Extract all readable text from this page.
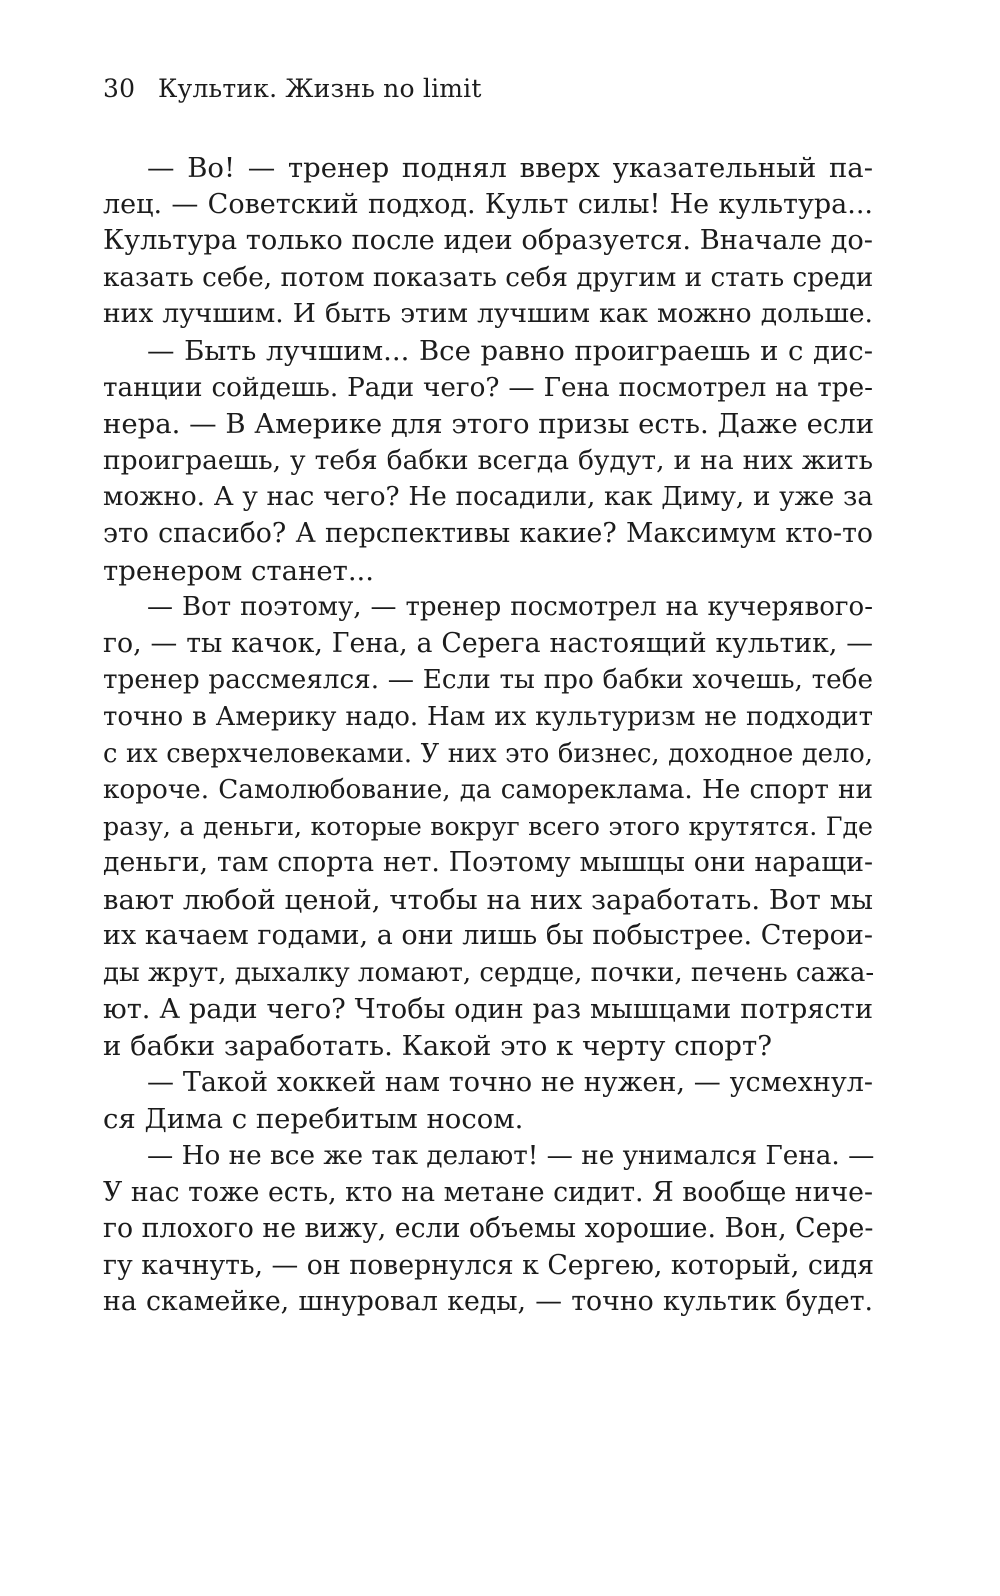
30 Культик. Жизнь no limit
— Во! — тренер поднял вверх указательный па-
лец. — Советский подход. Культ силы! Не культура...
Культура только после идеи образуется. Вначале до-
казать себе, потом показать себя другим и стать среди
них лучшим. И быть этим лучшим как можно дольше.
— Быть лучшим... Все равно проиграешь и с дис-
танции сойдешь. Ради чего? — Гена посмотрел на тре-
нера. — В Америке для этого призы есть. Даже если
проиграешь, у тебя бабки всегда будут, и на них жить
можно. А у нас чего? Не посадили, как Диму, и уже за
это спасибо? А перспективы какие? Максимум кто-то
тренером станет...
— Вот поэтому, — тренер посмотрел на кучерявого-
го, — ты качок, Гена, а Серега настоящий культик, —
тренер рассмеялся. — Если ты про бабки хочешь, тебе
точно в Америку надо. Нам их культуризм не подходит
с их сверхчеловеками. У них это бизнес, доходное дело,
короче. Самолюбование, да самореклама. Не спорт ни
разу, а деньги, которые вокруг всего этого крутятся. Где
деньги, там спорта нет. Поэтому мышцы они наращи-
вают любой ценой, чтобы на них заработать. Вот мы
их качаем годами, а они лишь бы побыстрее. Стерои-
ды жрут, дыхалку ломают, сердце, почки, печень сажа-
ют. А ради чего? Чтобы один раз мышцами потрясти
и бабки заработать. Какой это к черту спорт?
— Такой хоккей нам точно не нужен, — усмехнул-
ся Дима с перебитым носом.
— Но не все же так делают! — не унимался Гена. —
У нас тоже есть, кто на метане сидит. Я вообще ниче-
го плохого не вижу, если объемы хорошие. Вон, Сере-
гу качнуть, — он повернулся к Сергею, который, сидя
на скамейке, шнуровал кеды, — точно культик будет.
